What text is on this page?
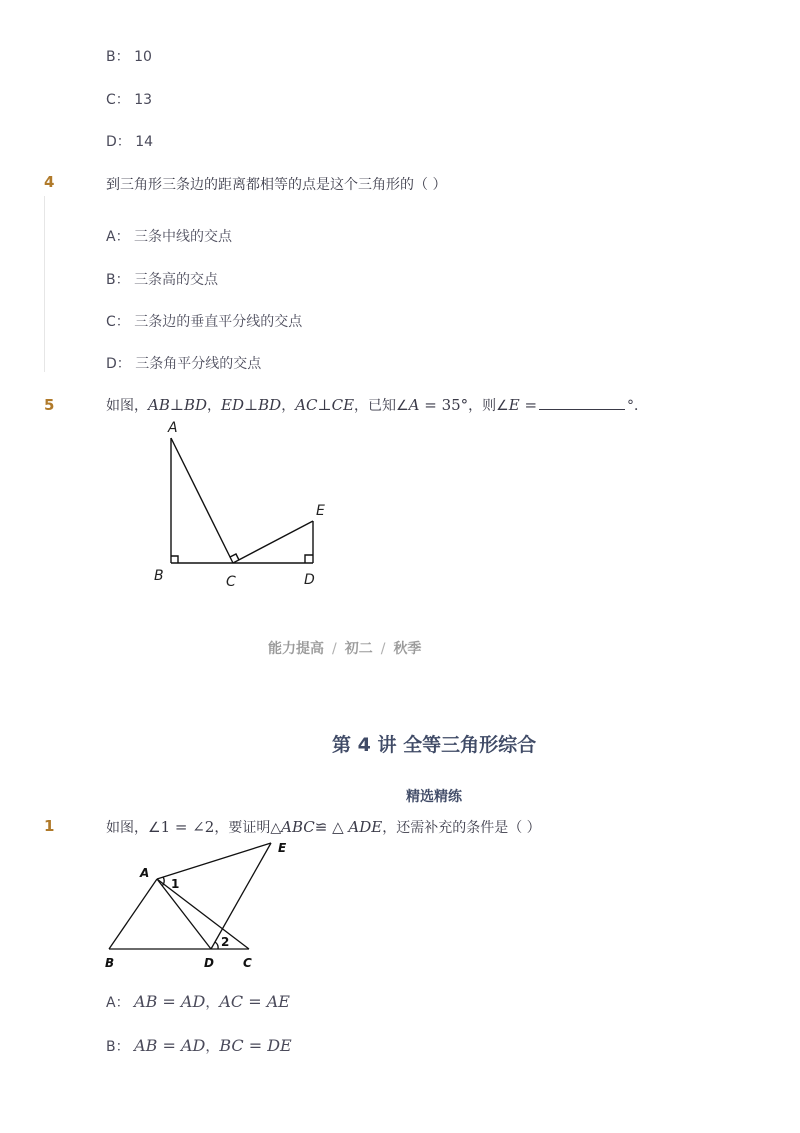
B： 10
C： 13
D： 14
4	到三角形三条边的距离都相等的点是这个三角形的（ ）
A： 三条中线的交点
B： 三条高的交点
C： 三条边的垂直平分线的交点
D： 三条角平分线的交点
5	如图，AB⊥BD，ED⊥BD，AC⊥CE，已知∠A = 35°，则∠E =	°．
A
B	C	D
E
能力提高 / 初二 / 秋季
第 4 讲 全等三角形综合
精选精练
1	如图，∠1 = ∠2，要证明△ABC≌ △ ADE，还需补充的条件是（ ）
A
B	D C
E
1
2
A： AB = AD，AC = AE
B： AB = AD，BC = DE
